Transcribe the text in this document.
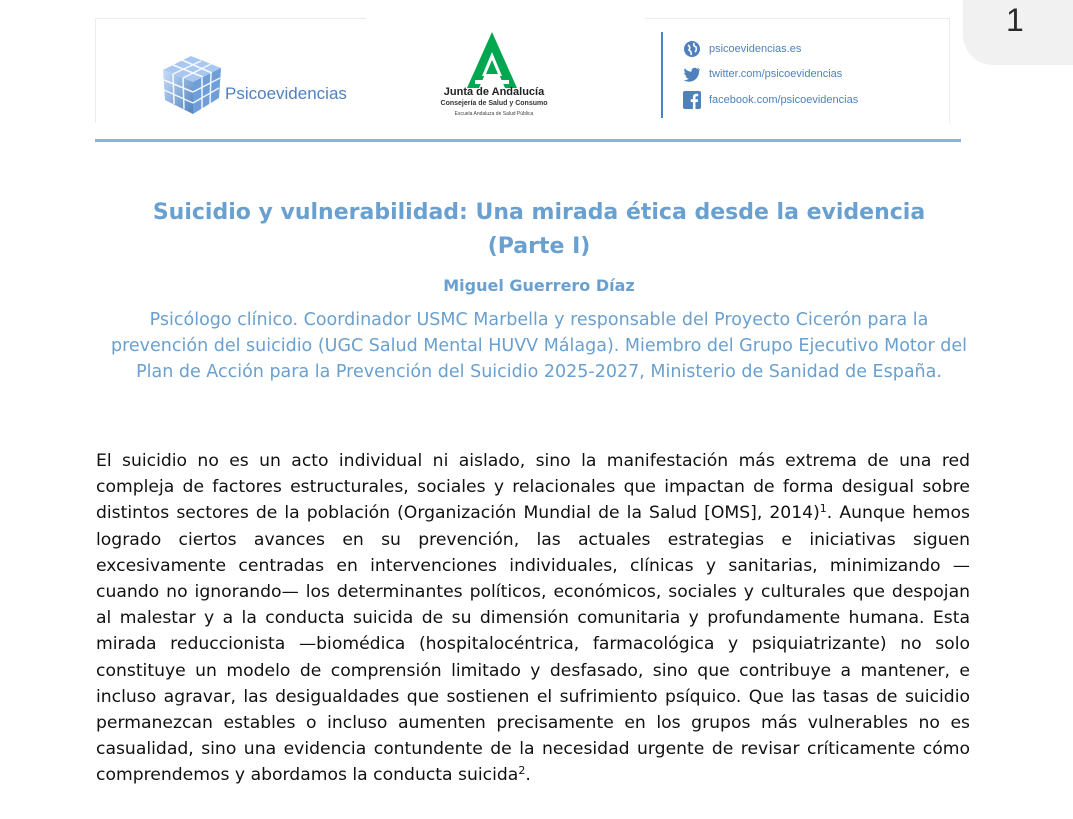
1
Psicoevidencias	Junta de Andalucía
Consejería de Salud y Consumo
Escuela Andaluza de Salud Pública
psicoevidencias.es
twitter.com/psicoevidencias
facebook.com/psicoevidencias
Suicidio y vulnerabilidad: Una mirada ética desde la evidencia
(Parte I)
Miguel Guerrero Díaz
Psicólogo clínico. Coordinador USMC Marbella y responsable del Proyecto Cicerón para la prevención del suicidio (UGC Salud Mental HUVV Málaga). Miembro del Grupo Ejecutivo Motor del Plan de Acción para la Prevención del Suicidio 2025-2027, Ministerio de Sanidad de España.
El suicidio no es un acto individual ni aislado, sino la manifestación más extrema de una red compleja de factores estructurales, sociales y relacionales que impactan de forma desigual sobre distintos sectores de la población (Organización Mundial de la Salud [OMS], 2014)$^1$. Aunque hemos logrado ciertos avances en su prevención, las actuales estrategias e iniciativas siguen excesivamente centradas en intervenciones individuales, clínicas y sanitarias, minimizando —cuando no ignorando— los determinantes políticos, económicos, sociales y culturales que despojan al malestar y a la conducta suicida de su dimensión comunitaria y profundamente humana. Esta mirada reduccionista —biomédica (hospitalocéntrica, farmacológica y psiquiatrizante) no solo constituye un modelo de comprensión limitado y desfasado, sino que contribuye a mantener, e incluso agravar, las desigualdades que sostienen el sufrimiento psíquico. Que las tasas de suicidio permanezcan estables o incluso aumenten precisamente en los grupos más vulnerables no es casualidad, sino una evidencia contundente de la necesidad urgente de revisar críticamente cómo comprendemos y abordamos la conducta suicida$^2$.
